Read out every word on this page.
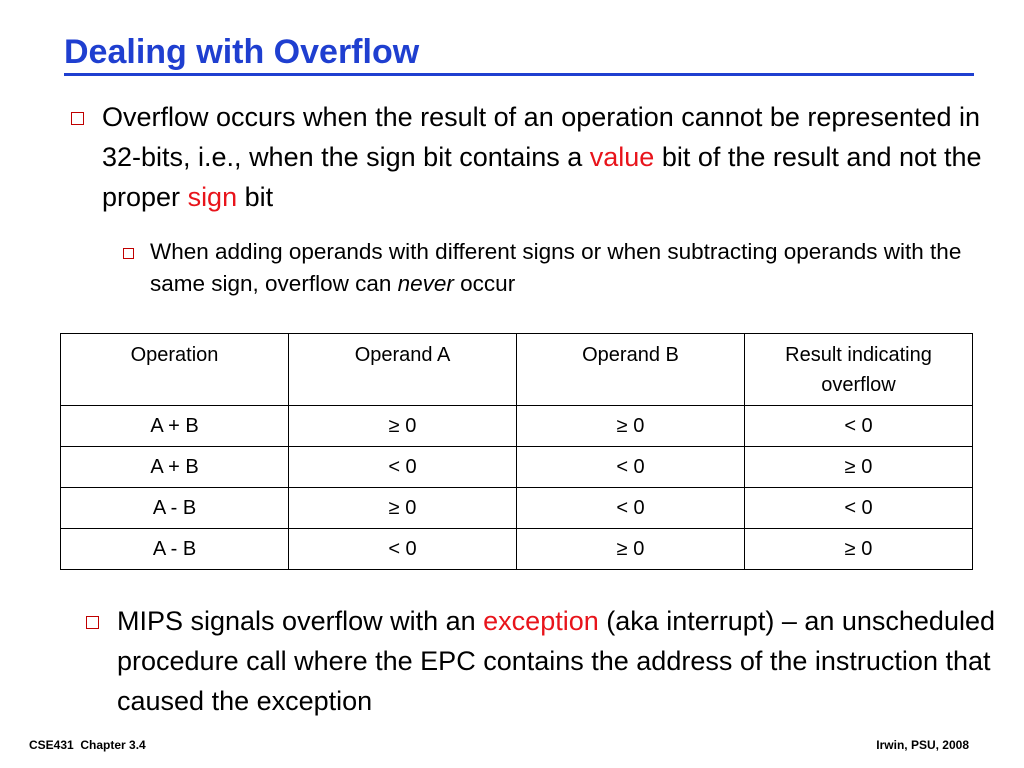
Dealing with Overflow
Overflow occurs when the result of an operation cannot be represented in 32-bits, i.e., when the sign bit contains a value bit of the result and not the proper sign bit
When adding operands with different signs or when subtracting operands with the same sign, overflow can never occur
Operation	Operand A	Operand B	Result indicating overflow
A + B	≥ 0	≥ 0	< 0
A + B	< 0	< 0	≥ 0
A - B	≥ 0	< 0	< 0
A - B	< 0	≥ 0	≥ 0
MIPS signals overflow with an exception (aka interrupt) – an unscheduled procedure call where the EPC contains the address of the instruction that caused the exception
CSE431  Chapter 3.4	Irwin, PSU, 2008
